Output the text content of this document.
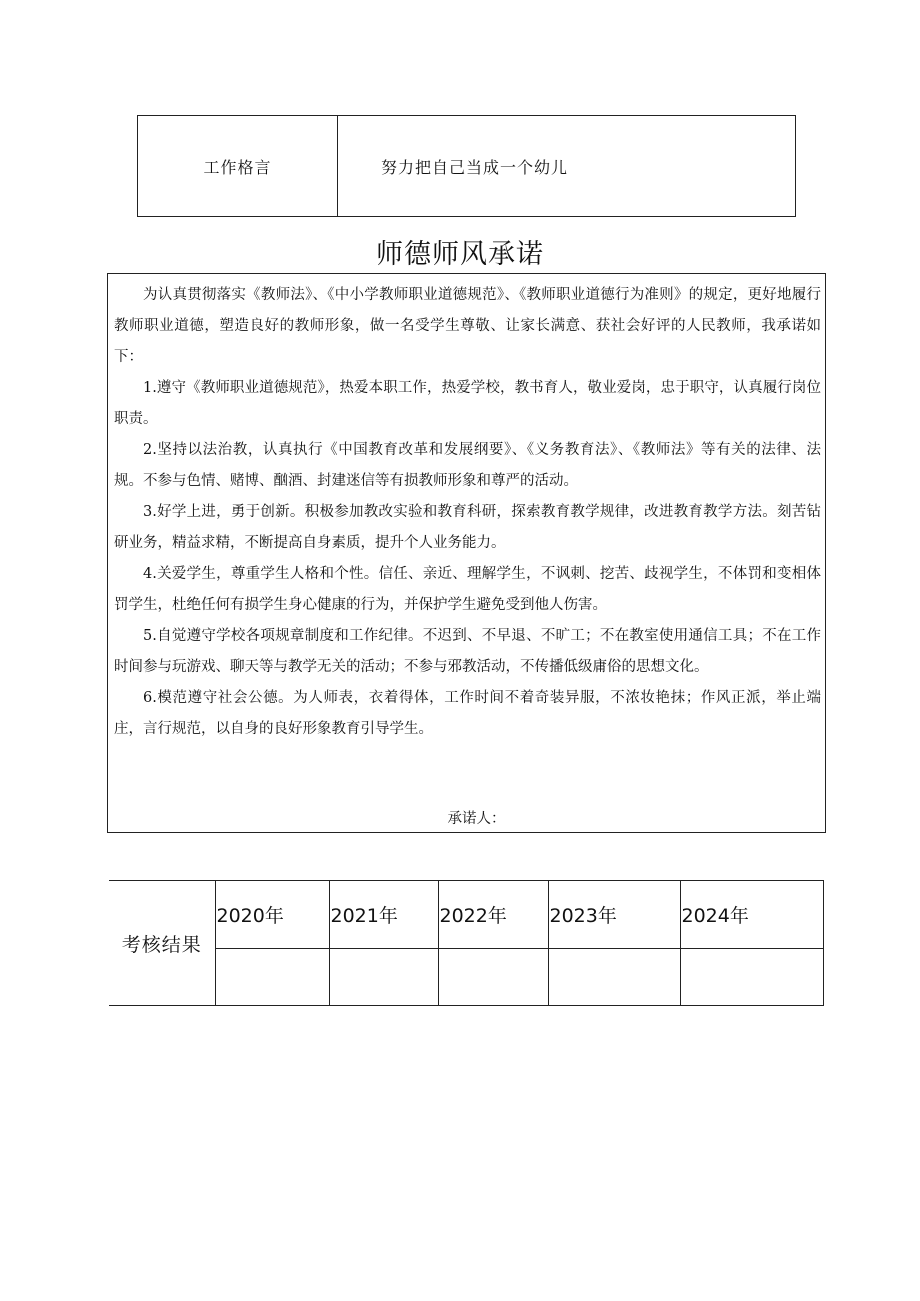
工作格言	努力把自己当成一个幼儿
师德师风承诺

为认真贯彻落实《教师法》、《中小学教师职业道德规范》、《教师职业道德行为准则》的规定，更好地履行教师职业道德，塑造良好的教师形象，做一名受学生尊敬、让家长满意、获社会好评的人民教师，我承诺如下：

1.遵守《教师职业道德规范》，热爱本职工作，热爱学校，教书育人，敬业爱岗，忠于职守，认真履行岗位职责。

2.坚持以法治教，认真执行《中国教育改革和发展纲要》、《义务教育法》、《教师法》等有关的法律、法规。不参与色情、赌博、酗酒、封建迷信等有损教师形象和尊严的活动。

3.好学上进，勇于创新。积极参加教改实验和教育科研，探索教育教学规律，改进教育教学方法。刻苦钻研业务，精益求精，不断提高自身素质，提升个人业务能力。

4.关爱学生，尊重学生人格和个性。信任、亲近、理解学生，不讽刺、挖苦、歧视学生，不体罚和变相体罚学生，杜绝任何有损学生身心健康的行为，并保护学生避免受到他人伤害。

5.自觉遵守学校各项规章制度和工作纪律。不迟到、不早退、不旷工；不在教室使用通信工具；不在工作时间参与玩游戏、聊天等与教学无关的活动；不参与邪教活动，不传播低级庸俗的思想文化。

6.模范遵守社会公德。为人师表，衣着得体，工作时间不着奇装异服，不浓妆艳抹；作风正派，举止端庄，言行规范，以自身的良好形象教育引导学生。

承诺人：
考核结果	2020年	2021年	2022年	2023年	2024年
